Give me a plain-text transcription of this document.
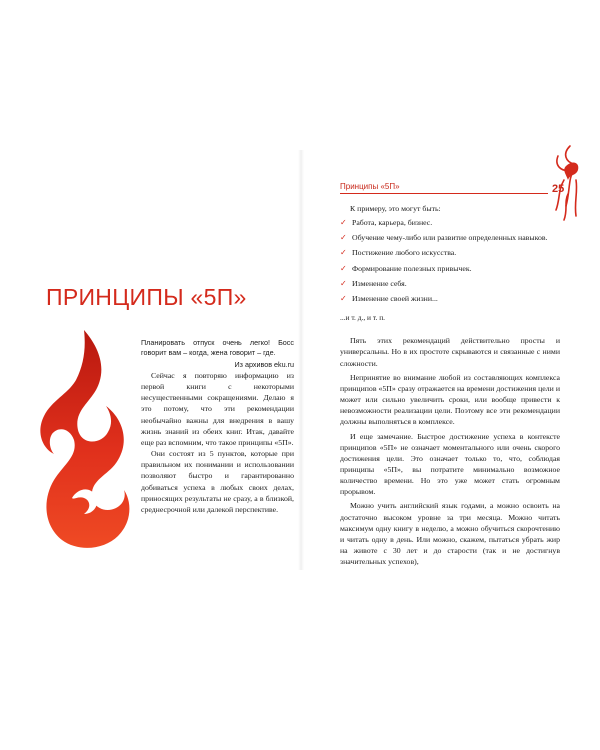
ПРИНЦИПЫ «5П»
Планировать отпуск очень легко! Босс говорит вам – когда, жена говорит – где.
Из архивов eku.ru

Сейчас я повторяю информацию из первой книги с некоторыми несущественными сокращениями. Делаю я это потому, что эти рекомендации необычайно важны для внедрения в вашу жизнь знаний из обеих книг. Итак, давайте еще раз вспомним, что такое принципы «5П».

Они состоят из 5 пунктов, которые при правильном их понимании и использовании позволяют быстро и гарантированно добиваться успеха в любых своих делах, приносящих результаты не сразу, а в близкой, среднесрочной или далекой перспективе.

Принципы «5П»	25

К примеру, это могут быть:

✓ Работа, карьера, бизнес.
✓ Обучение чему-либо или развитие определенных навыков.
✓ Постижение любого искусства.
✓ Формирование полезных привычек.
✓ Изменение себя.
✓ Изменение своей жизни...
...и т. д., и т. п.

Пять этих рекомендаций действительно просты и универсальны. Но в их простоте скрываются и связанные с ними сложности.

Непринятие во внимание любой из составляющих комплекса принципов «5П» сразу отражается на времени достижения цели и может или сильно увеличить сроки, или вообще привести к невозможности реализации цели. Поэтому все эти рекомендации должны выполняться в комплексе.

И еще замечание. Быстрое достижение успеха в контексте принципов «5П» не означает моментального или очень скорого достижения цели. Это означает только то, что, соблюдая принципы «5П», вы потратите минимально возможное количество времени. Но это уже может стать огромным прорывом.

Можно учить английский язык годами, а можно освоить на достаточно высоком уровне за три месяца. Можно читать максимум одну книгу в неделю, а можно обучиться скорочтению и читать одну в день. Или можно, скажем, пытаться убрать жир на животе с 30 лет и до старости (так и не достигнув значительных успехов),
